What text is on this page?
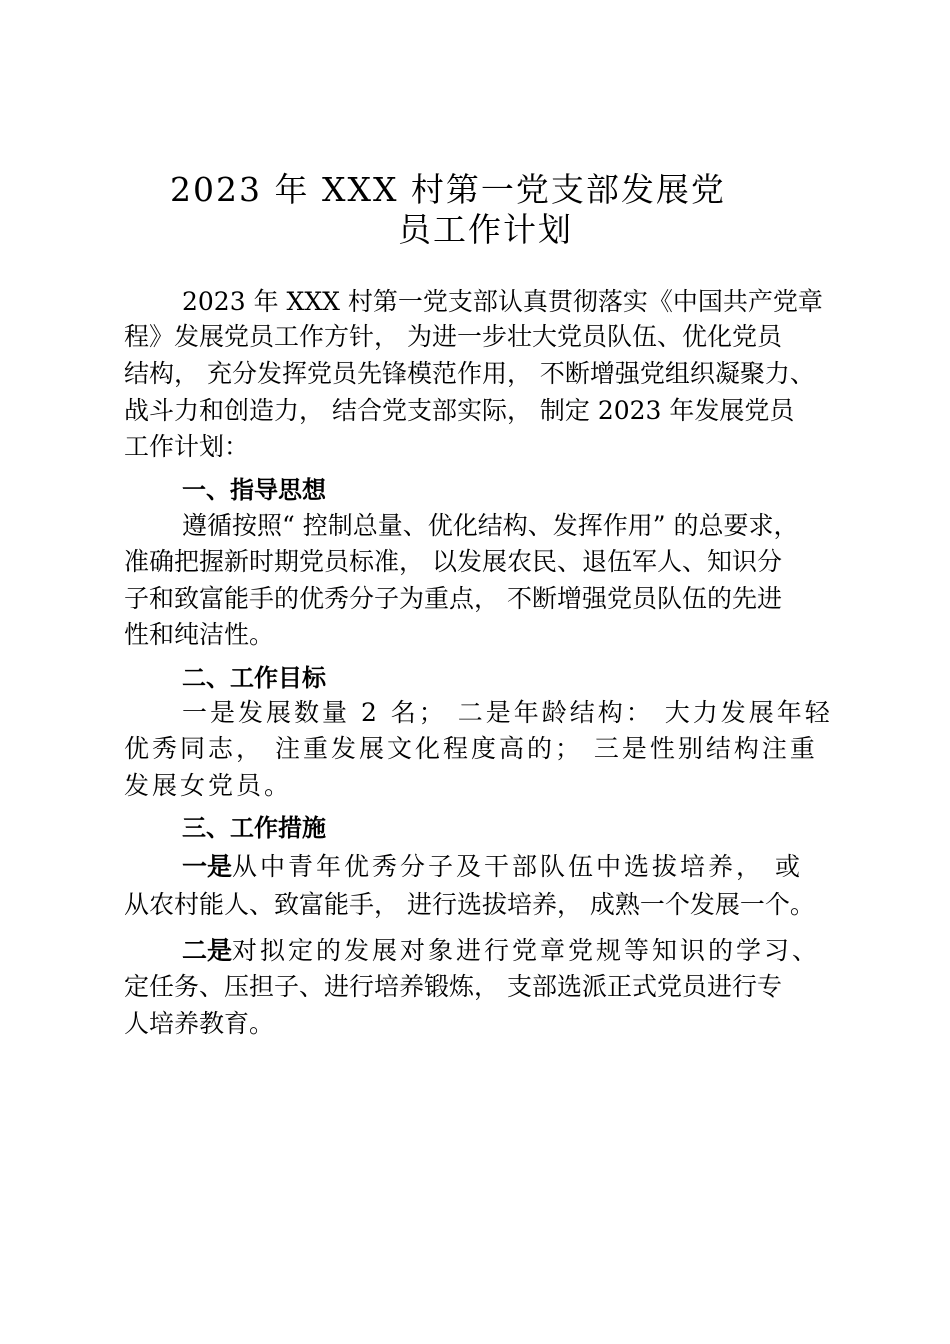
2023 年 XXX 村第一党支部发展党
员工作计划
2023 年 XXX 村第一党支部认真贯彻落实《中国共产党章
程》发展党员工作方针， 为进一步壮大党员队伍、优化党员
结构， 充分发挥党员先锋模范作用， 不断增强党组织凝聚力、
战斗力和创造力， 结合党支部实际， 制定 2023 年发展党员
工作计划：
一、指导思想
遵循按照“ 控制总量、优化结构、发挥作用” 的总要求，
准确把握新时期党员标准， 以发展农民、退伍军人、知识分
子和致富能手的优秀分子为重点， 不断增强党员队伍的先进
性和纯洁性。
二、工作目标
一是发展数量 2 名； 二是年龄结构： 大力发展年轻
优秀同志， 注重发展文化程度高的； 三是性别结构注重
发展女党员。
三、工作措施
一是从中青年优秀分子及干部队伍中选拔培养， 或
从农村能人、致富能手， 进行选拔培养， 成熟一个发展一个。
二是对拟定的发展对象进行党章党规等知识的学习、
定任务、压担子、进行培养锻炼， 支部选派正式党员进行专
人培养教育。
